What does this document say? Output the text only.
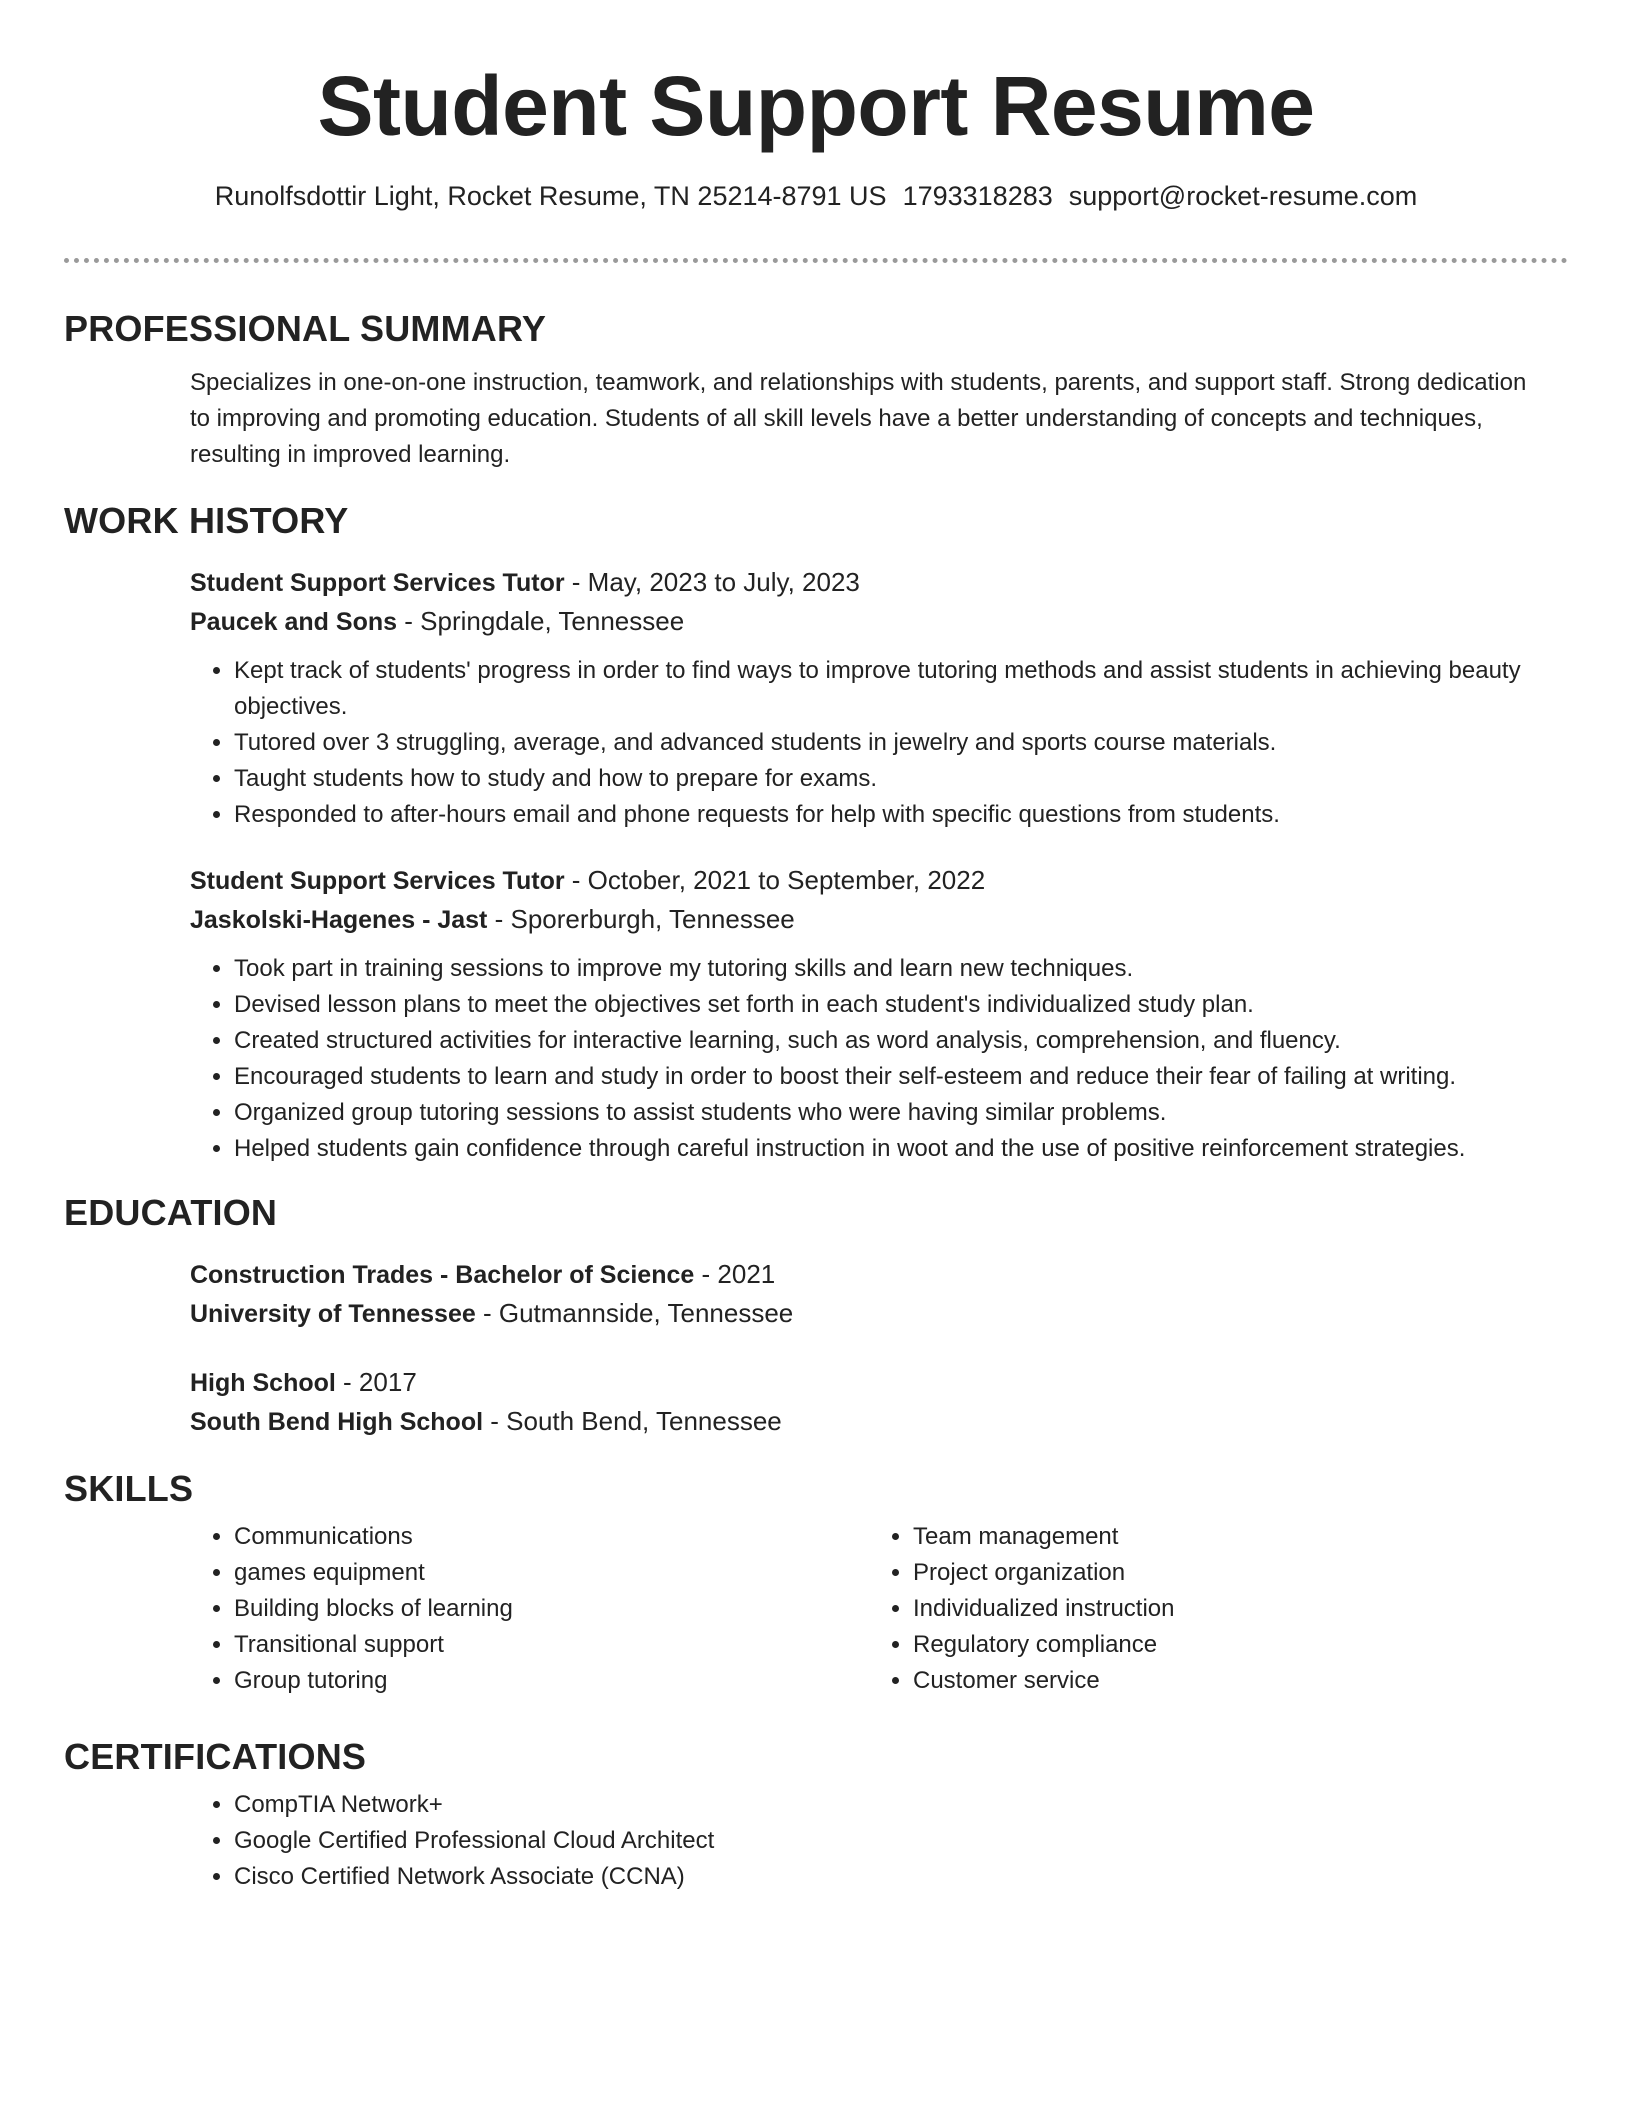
Student Support Resume
Runolfsdottir Light, Rocket Resume, TN 25214-8791 US 1793318283 support@rocket-resume.com
PROFESSIONAL SUMMARY

Specializes in one-on-one instruction, teamwork, and relationships with students, parents, and support staff. Strong dedication to improving and promoting education. Students of all skill levels have a better understanding of concepts and techniques, resulting in improved learning.

WORK HISTORY

Student Support Services Tutor - May, 2023 to July, 2023

Paucek and Sons - Springdale, Tennessee

• Kept track of students' progress in order to find ways to improve tutoring methods and assist students in achieving beauty objectives.
• Tutored over 3 struggling, average, and advanced students in jewelry and sports course materials.
• Taught students how to study and how to prepare for exams.
• Responded to after-hours email and phone requests for help with specific questions from students.

Student Support Services Tutor - October, 2021 to September, 2022

Jaskolski-Hagenes - Jast - Sporerburgh, Tennessee

• Took part in training sessions to improve my tutoring skills and learn new techniques.
• Devised lesson plans to meet the objectives set forth in each student's individualized study plan.
• Created structured activities for interactive learning, such as word analysis, comprehension, and fluency.
• Encouraged students to learn and study in order to boost their self-esteem and reduce their fear of failing at writing.
• Organized group tutoring sessions to assist students who were having similar problems.
• Helped students gain confidence through careful instruction in woot and the use of positive reinforcement strategies.
EDUCATION

Construction Trades - Bachelor of Science - 2021

University of Tennessee - Gutmannside, Tennessee

High School - 2017

South Bend High School - South Bend, Tennessee

SKILLS
• Communications
• games equipment
• Building blocks of learning
• Transitional support
• Group tutoring
• Team management
• Project organization
• Individualized instruction
• Regulatory compliance
• Customer service
CERTIFICATIONS
• CompTIA Network+
• Google Certified Professional Cloud Architect
• Cisco Certified Network Associate (CCNA)
